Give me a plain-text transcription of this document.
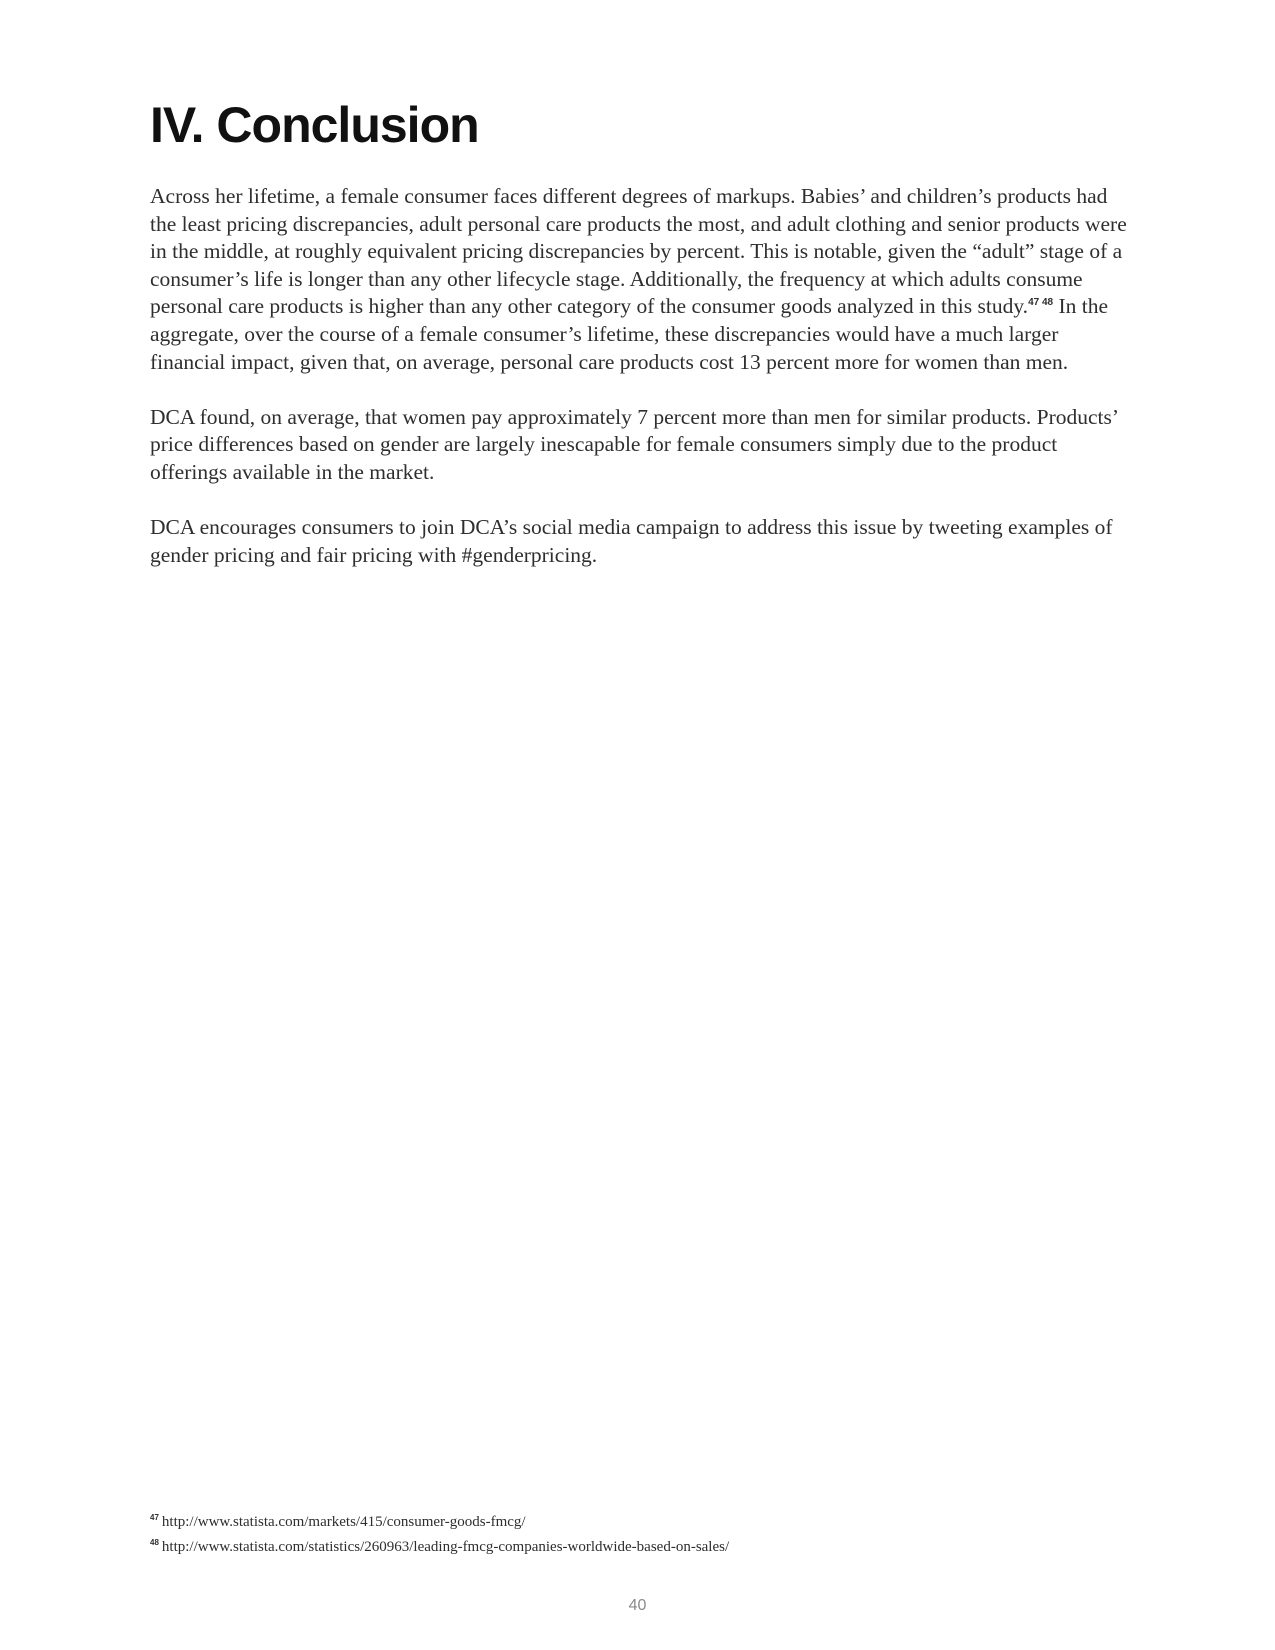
IV. Conclusion

Across her lifetime, a female consumer faces different degrees of markups. Babies’ and children’s products had the least pricing discrepancies, adult personal care products the most, and adult clothing and senior products were in the middle, at roughly equivalent pricing discrepancies by percent. This is notable, given the “adult” stage of a consumer’s life is longer than any other lifecycle stage. Additionally, the frequency at which adults consume personal care products is higher than any other category of the consumer goods analyzed in this study.$^{47 48}$ In the aggregate, over the course of a female consumer’s lifetime, these discrepancies would have a much larger financial impact, given that, on average, personal care products cost 13 percent more for women than men.

DCA found, on average, that women pay approximately 7 percent more than men for similar products. Products’ price differences based on gender are largely inescapable for female consumers simply due to the product offerings available in the market.

DCA encourages consumers to join DCA’s social media campaign to address this issue by tweeting examples of gender pricing and fair pricing with #genderpricing.

$^{47}$ http://www.statista.com/markets/415/consumer-goods-fmcg/
$^{48}$ http://www.statista.com/statistics/260963/leading-fmcg-companies-worldwide-based-on-sales/
40
